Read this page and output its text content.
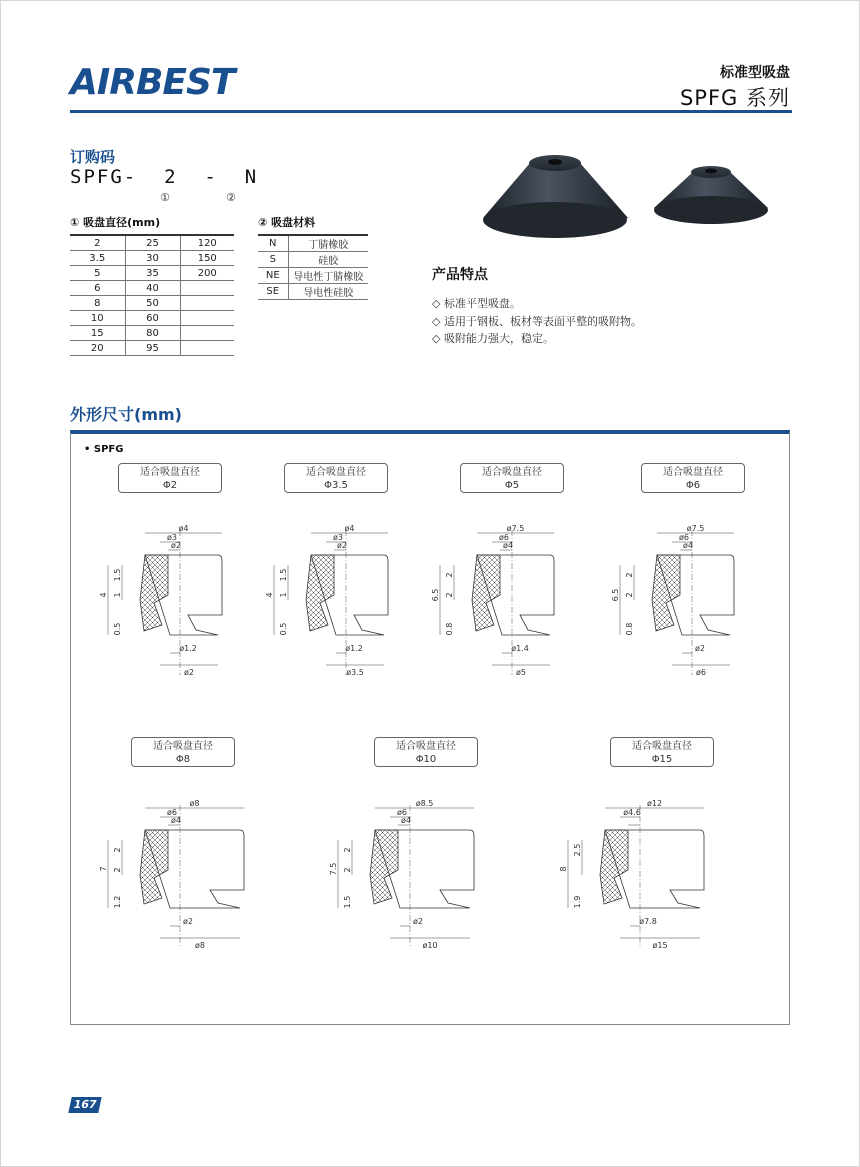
AIRBEST	标准型吸盘
SPFG 系列
订购码
SPFG-  2  -  N
①	②
① 吸盘直径(mm)
2	25	120
3.5	30	150
5	35	200
6	40	
8	50	
10	60	
15	80	
20	95	
② 吸盘材料
N	丁腈橡胶
S	硅胶
NE	导电性丁腈橡胶
SE	导电性硅胶
产品特点
◇ 标准平型吸盘。
◇ 适用于钢板、板材等表面平整的吸附物。
◇ 吸附能力强大，稳定。
外形尺寸(mm)
• SPFG
适合吸盘直径
Φ2
ø4
ø3
ø2
ø1.2
ø2
4
1.5
1
0.5
适合吸盘直径
Φ3.5
ø4
ø3
ø2
ø1.2
ø3.5
4
1.5
1
0.5
适合吸盘直径
Φ5
ø7.5
ø6
ø4
ø1.4
ø5
6.5
2
2
0.8
适合吸盘直径
Φ6
ø7.5
ø6
ø4
ø2
ø6
6.5
2
2
0.8
适合吸盘直径
Φ8
ø8
ø6
ø4
ø2
ø8
7
2
2
1.2
适合吸盘直径
Φ10
ø8.5
ø6
ø4
ø2
ø10
7.5
2
2
1.5
适合吸盘直径
Φ15
ø12
ø4.6
ø7.8
ø15
8
2.5
1.9
167
